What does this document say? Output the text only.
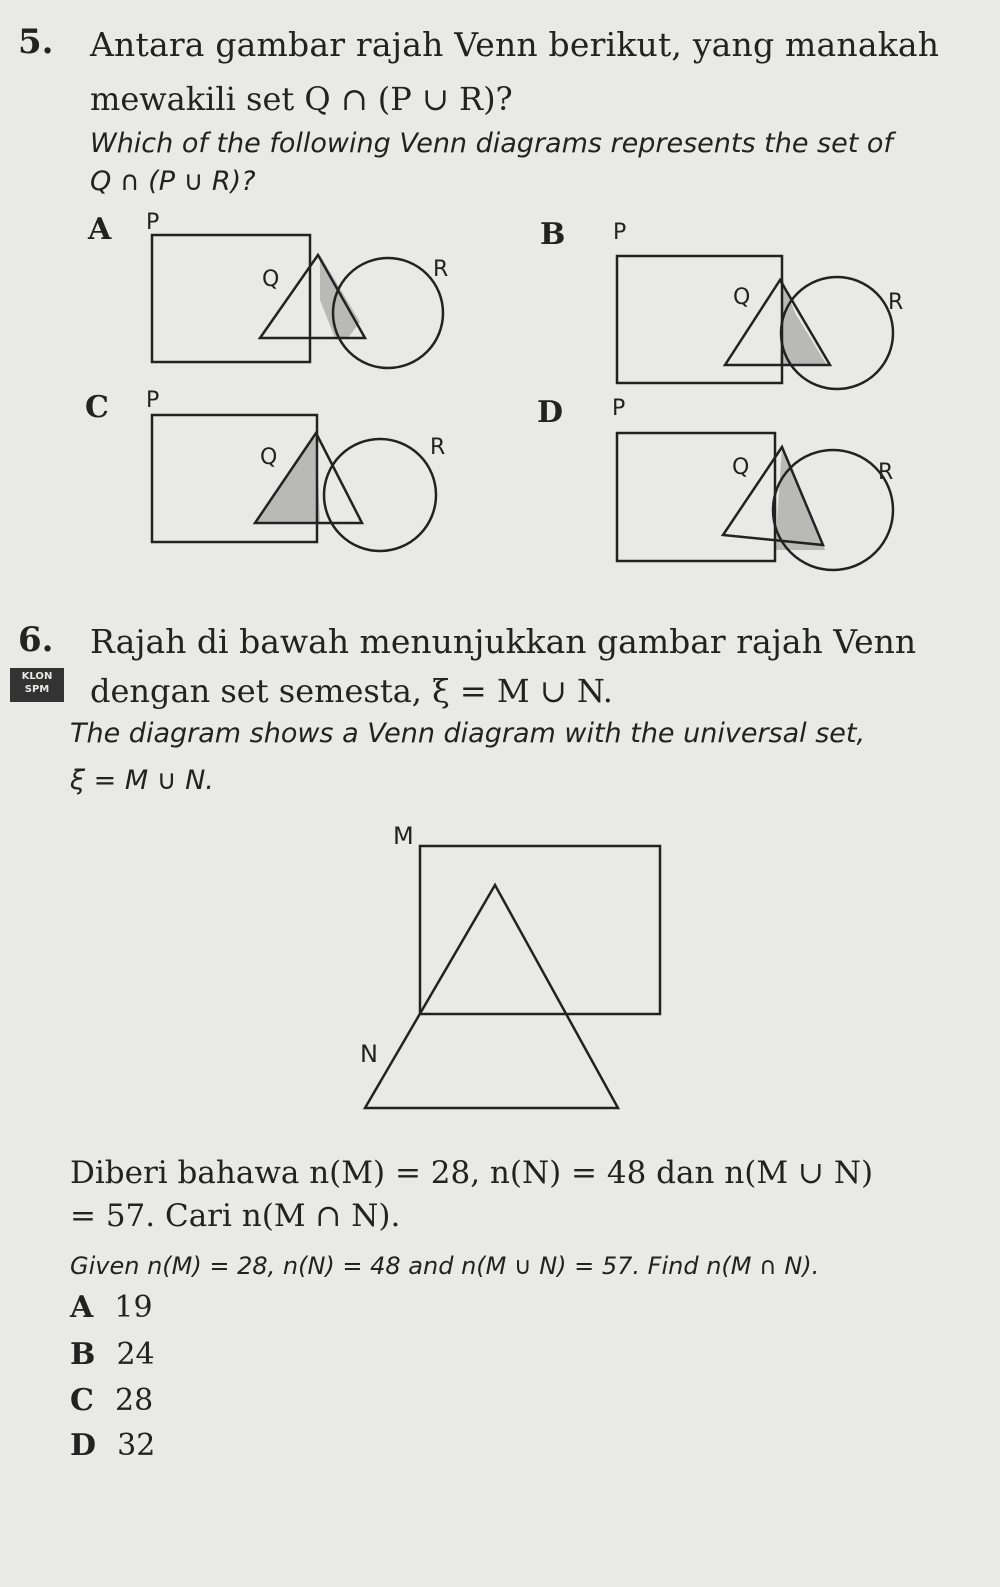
5. Antara gambar rajah Venn berikut, yang manakah
mewakili set Q ∩ (P ∪ R)?
Which of the following Venn diagrams represents the set of
Q ∩ (P ∪ R)?
A P
Q	R
B P
Q	R
C P
Q	R
D P
Q	R
6. Rajah di bawah menunjukkan gambar rajah Venn
KLON SPM	dengan set semesta, ξ = M ∪ N.
The diagram shows a Venn diagram with the universal set,
ξ = M ∪ N.
M
N
Diberi bahawa n(M) = 28, n(N) = 48 dan n(M ∪ N)
= 57. Cari n(M ∩ N).
Given n(M) = 28, n(N) = 48 and n(M ∪ N) = 57. Find n(M ∩ N).
A 19
B 24
C 28
D 32
